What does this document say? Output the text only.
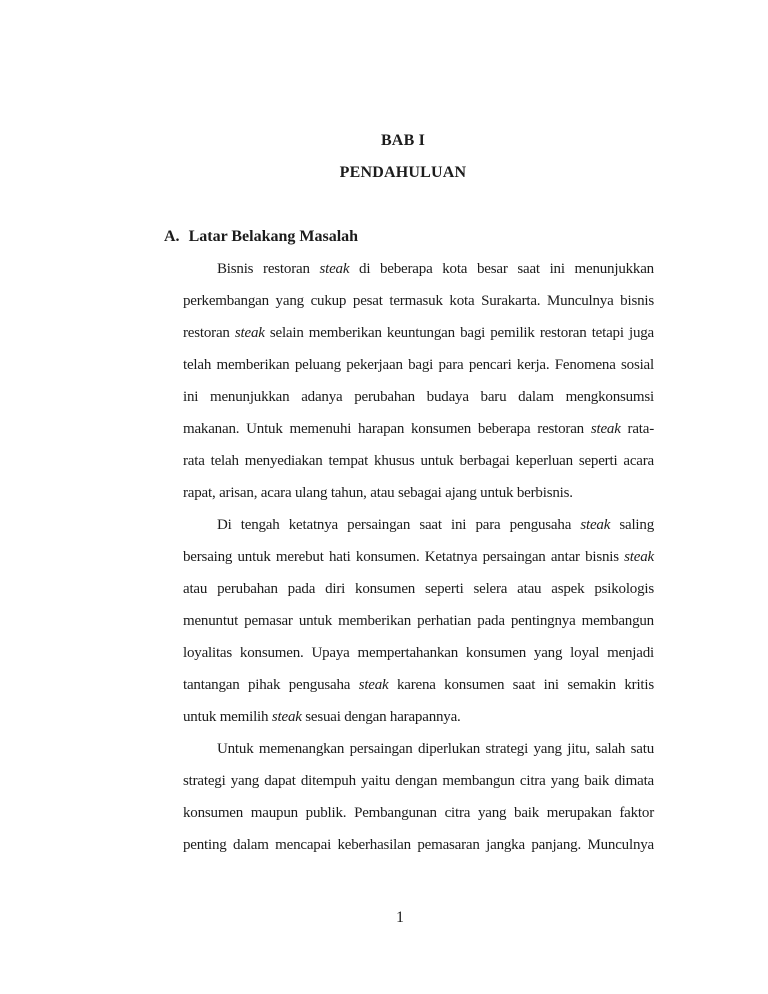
BAB I
PENDAHULUAN
A. Latar Belakang Masalah
Bisnis restoran steak di beberapa kota besar saat ini menunjukkan
perkembangan yang cukup pesat termasuk kota Surakarta. Munculnya bisnis
restoran steak selain memberikan keuntungan bagi pemilik restoran tetapi juga
telah memberikan peluang pekerjaan bagi para pencari kerja. Fenomena sosial
ini menunjukkan adanya perubahan budaya baru dalam mengkonsumsi
makanan. Untuk memenuhi harapan konsumen beberapa restoran steak rata-
rata telah menyediakan tempat khusus untuk berbagai keperluan seperti acara
rapat, arisan, acara ulang tahun, atau sebagai ajang untuk berbisnis.
Di tengah ketatnya persaingan saat ini para pengusaha steak saling
bersaing untuk merebut hati konsumen. Ketatnya persaingan antar bisnis steak
atau perubahan pada diri konsumen seperti selera atau aspek psikologis
menuntut pemasar untuk memberikan perhatian pada pentingnya membangun
loyalitas konsumen. Upaya mempertahankan konsumen yang loyal menjadi
tantangan pihak pengusaha steak karena konsumen saat ini semakin kritis
untuk memilih steak sesuai dengan harapannya.
Untuk memenangkan persaingan diperlukan strategi yang jitu, salah satu
strategi yang dapat ditempuh yaitu dengan membangun citra yang baik dimata
konsumen maupun publik. Pembangunan citra yang baik merupakan faktor
penting dalam mencapai keberhasilan pemasaran jangka panjang. Munculnya
1
